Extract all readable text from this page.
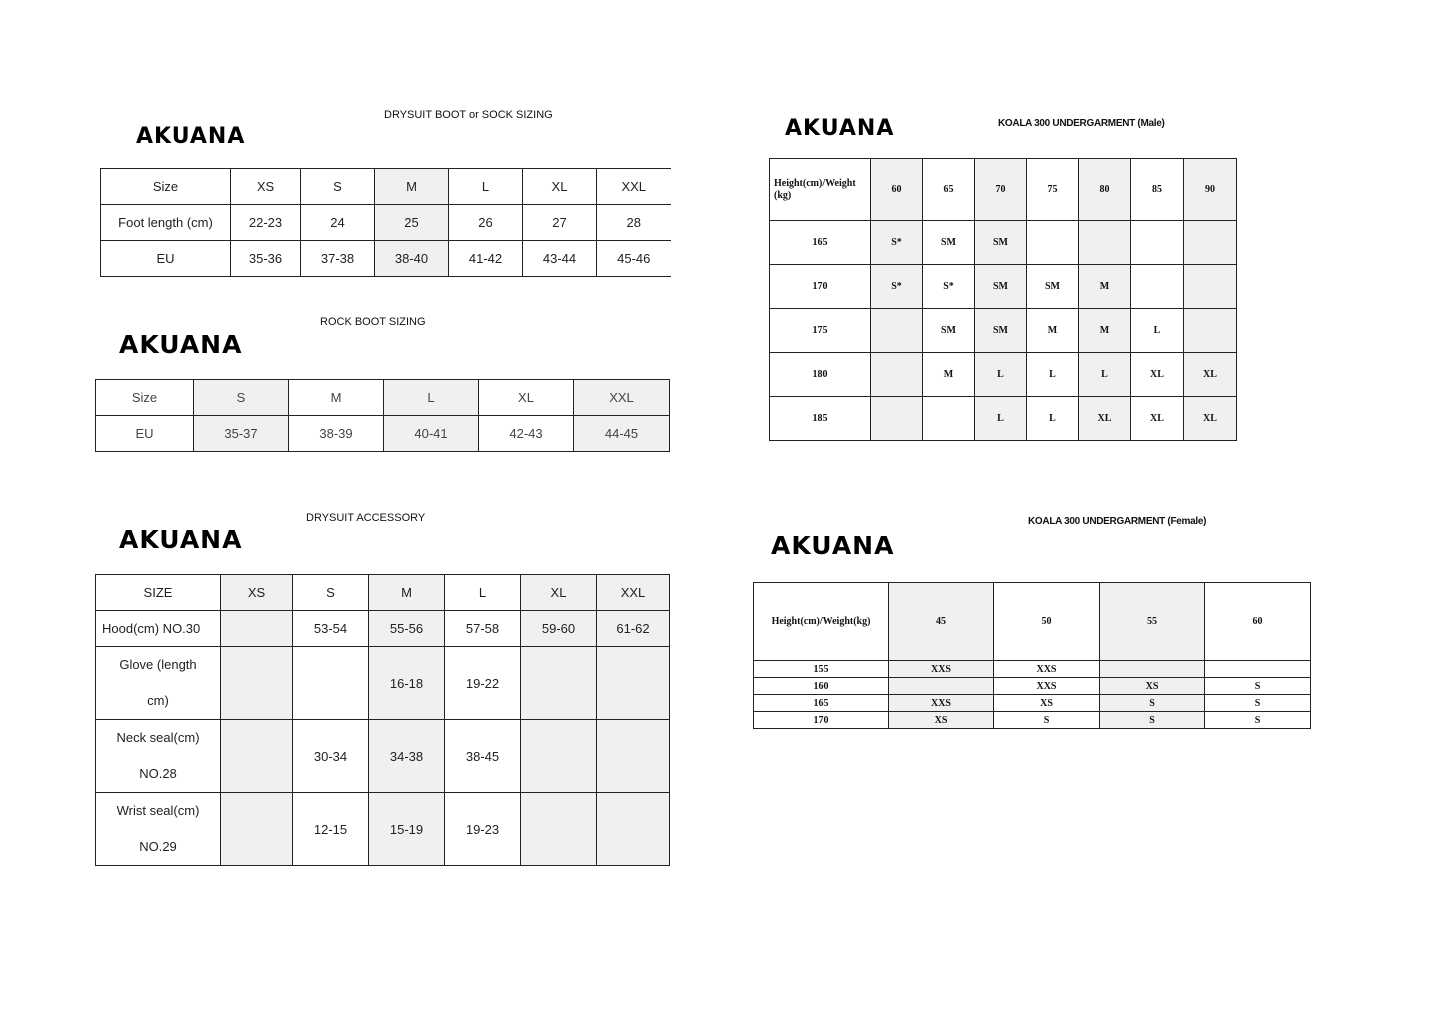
AKUANA
DRYSUIT BOOT or SOCK SIZING
Size	XS	S	M	L	XL	XXL
Foot length (cm)	22-23	24	25	26	27	28
EU	35-36	37-38	38-40	41-42	43-44	45-46
AKUANA
ROCK BOOT SIZING
Size	S	M	L	XL	XXL
EU	35-37	38-39	40-41	42-43	44-45
AKUANA
DRYSUIT ACCESSORY
SIZE	XS	S	M	L	XL	XXL
Hood(cm) NO.30		53-54	55-56	57-58	59-60	61-62
Glove (length cm)			16-18	19-22		
Neck seal(cm) NO.28		30-34	34-38	38-45		
Wrist seal(cm) NO.29		12-15	15-19	19-23		
AKUANA	KOALA 300 UNDERGARMENT (Male)
Height(cm)/Weight (kg)	60	65	70	75	80	85	90
165	S*	SM	SM				
170	S*	S*	SM	SM	M		
175		SM	SM	M	M	L	
180		M	L	L	L	XL	XL
185			L	L	XL	XL	XL
AKUANA
KOALA 300 UNDERGARMENT (Female)
Height(cm)/Weight(kg)	45	50	55	60
155	XXS	XXS		
160		XXS	XS	S
165	XXS	XS	S	S
170	XS	S	S	S
